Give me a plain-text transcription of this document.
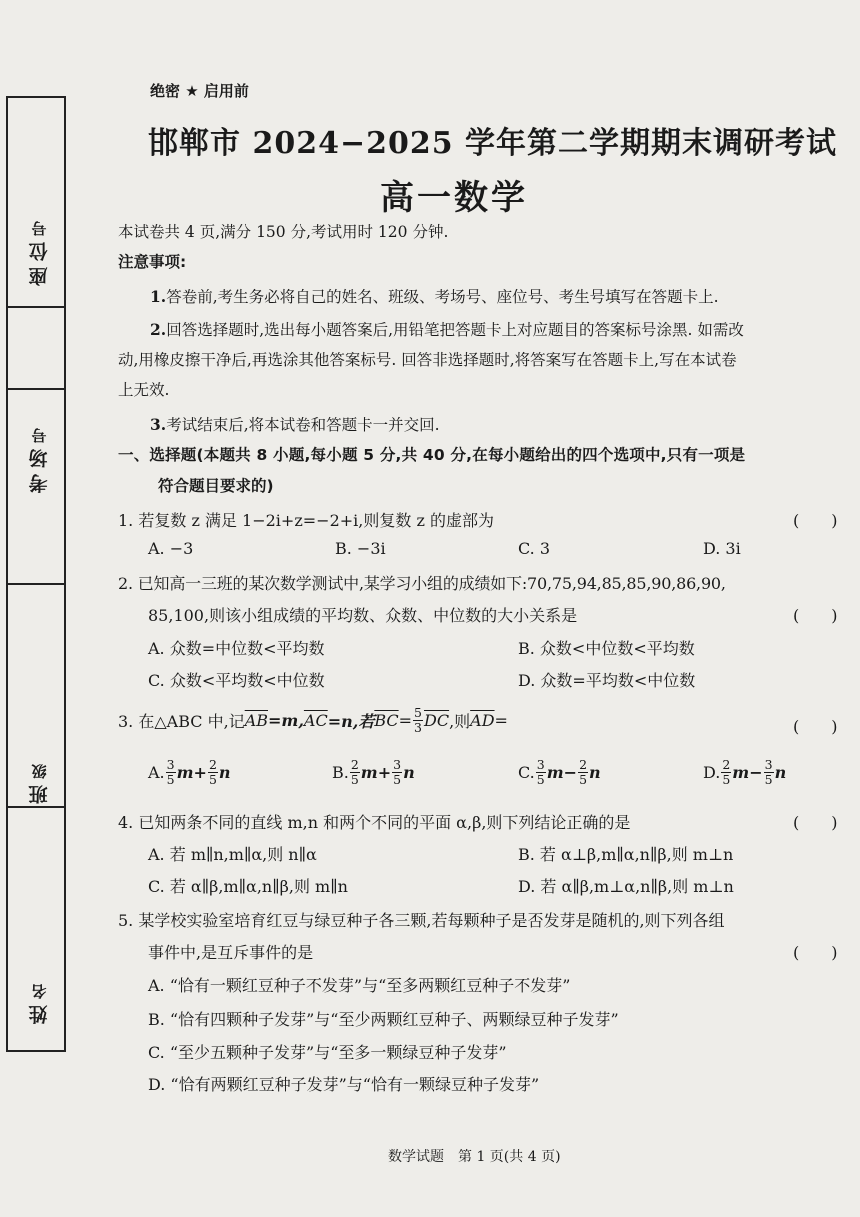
座位
号
考场
号
班
级
姓
名
绝密 ★ 启用前
邯郸市 2024−2025 学年第二学期期末调研考试
高一数学
本试卷共 4 页,满分 150 分,考试用时 120 分钟.
注意事项:
1.答卷前,考生务必将自己的姓名、班级、考场号、座位号、考生号填写在答题卡上.
2.回答选择题时,选出每小题答案后,用铅笔把答题卡上对应题目的答案标号涂黑. 如需改
动,用橡皮擦干净后,再选涂其他答案标号. 回答非选择题时,将答案写在答题卡上,写在本试卷
上无效.
3.考试结束后,将本试卷和答题卡一并交回.
一、选择题(本题共 8 小题,每小题 5 分,共 40 分,在每小题给出的四个选项中,只有一项是
符合题目要求的)
1. 若复数 z 满足 1−2i+z=−2+i,则复数 z 的虚部为	(　　)
A. −3	B. −3i	C. 3	D. 3i
2. 已知高一三班的某次数学测试中,某学习小组的成绩如下:70,75,94,85,85,90,86,90,
85,100,则该小组成绩的平均数、众数、中位数的大小关系是	(　　)
A. 众数=中位数<平均数	B. 众数<中位数<平均数
C. 众数<平均数<中位数	D. 众数=平均数<中位数
3. 在△ABC 中,记 $\overline{AB} =m$, $\overline{AC} =n$,若 $\overline{BC} = \frac{5}{3} \overline{DC}$ ,则 $\overline{AD}$ =	(　　)
A. $\frac{3}{5} m+ \frac{2}{5}$ n	B. $\frac{2}{5} m+ \frac{3}{5}$ n	C. $\frac{3}{5} m- \frac{2}{5}$ n	D. $\frac{2}{5} m- \frac{3}{5}$ n
4. 已知两条不同的直线 m,n 和两个不同的平面 α,β,则下列结论正确的是	(　　)
A. 若 m∥n,m∥α,则 n∥α	B. 若 α⊥β,m∥α,n∥β,则 m⊥n
C. 若 α∥β,m∥α,n∥β,则 m∥n	D. 若 α∥β,m⊥α,n∥β,则 m⊥n
5. 某学校实验室培育红豆与绿豆种子各三颗,若每颗种子是否发芽是随机的,则下列各组
事件中,是互斥事件的是	(　　)
A. “恰有一颗红豆种子不发芽”与“至多两颗红豆种子不发芽”
B. “恰有四颗种子发芽”与“至少两颗红豆种子、两颗绿豆种子发芽”
C. “至少五颗种子发芽”与“至多一颗绿豆种子发芽”
D. “恰有两颗红豆种子发芽”与“恰有一颗绿豆种子发芽”
数学试题　第 1 页(共 4 页)
